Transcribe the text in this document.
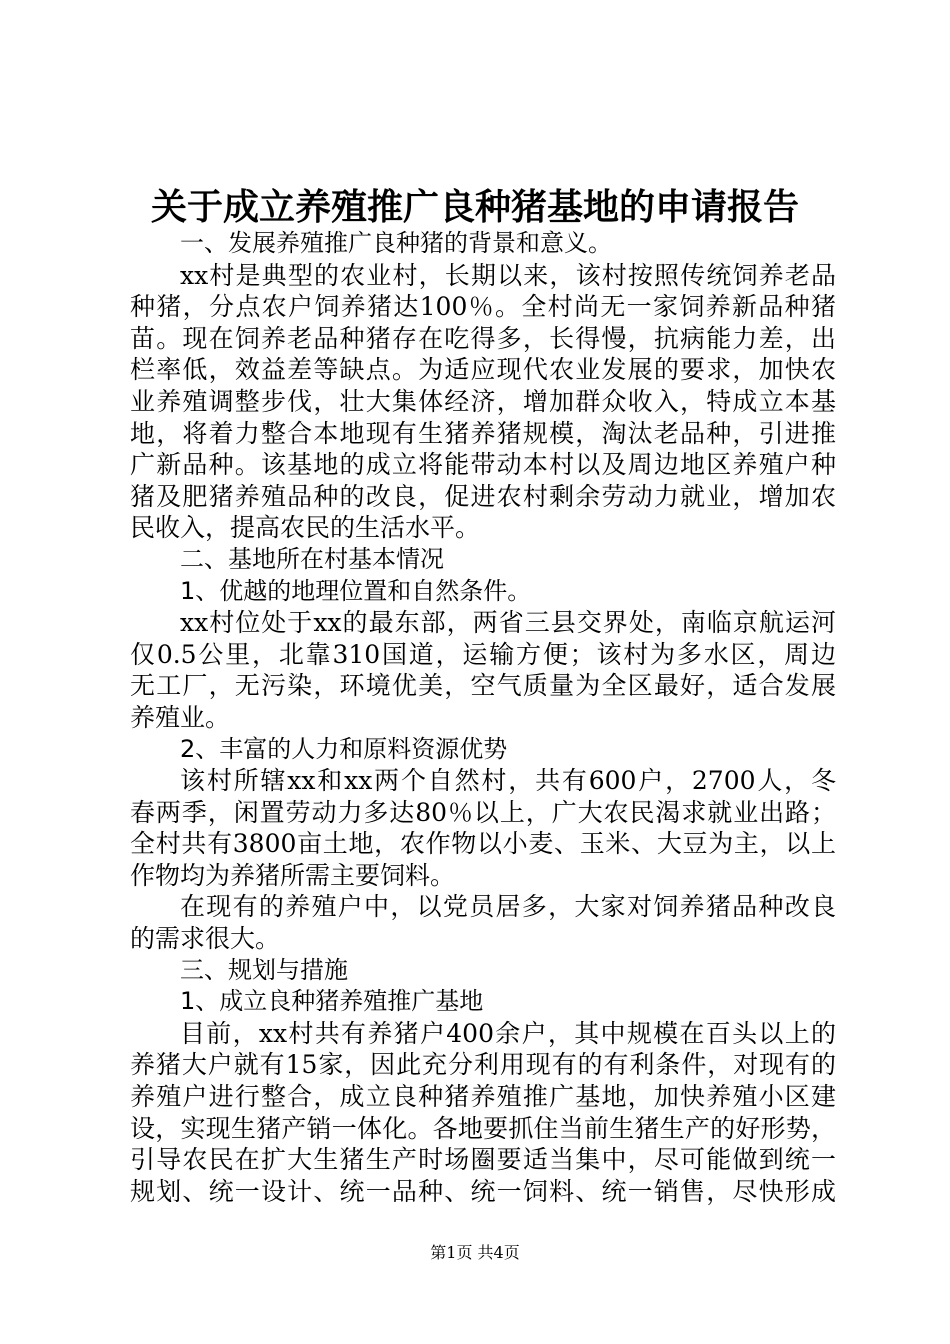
关于成立养殖推广良种猪基地的申请报告
一、发展养殖推广良种猪的背景和意义。
xx村是典型的农业村，长期以来，该村按照传统饲养老品
种猪，分点农户饲养猪达100％。全村尚无一家饲养新品种猪
苗。现在饲养老品种猪存在吃得多，长得慢，抗病能力差，出
栏率低，效益差等缺点。为适应现代农业发展的要求，加快农
业养殖调整步伐，壮大集体经济，增加群众收入，特成立本基
地，将着力整合本地现有生猪养猪规模，淘汰老品种，引进推
广新品种。该基地的成立将能带动本村以及周边地区养殖户种
猪及肥猪养殖品种的改良，促进农村剩余劳动力就业，增加农
民收入，提高农民的生活水平。
二、基地所在村基本情况
1、优越的地理位置和自然条件。
xx村位处于xx的最东部，两省三县交界处，南临京航运河
仅0.5公里，北靠310国道，运输方便；该村为多水区，周边
无工厂，无污染，环境优美，空气质量为全区最好，适合发展
养殖业。
2、丰富的人力和原料资源优势
该村所辖xx和xx两个自然村，共有600户，2700人，冬
春两季，闲置劳动力多达80％以上，广大农民渴求就业出路；
全村共有3800亩土地，农作物以小麦、玉米、大豆为主，以上
作物均为养猪所需主要饲料。
在现有的养殖户中，以党员居多，大家对饲养猪品种改良
的需求很大。
三、规划与措施
1、成立良种猪养殖推广基地
目前，xx村共有养猪户400余户，其中规模在百头以上的
养猪大户就有15家，因此充分利用现有的有利条件，对现有的
养殖户进行整合，成立良种猪养殖推广基地，加快养殖小区建
设，实现生猪产销一体化。各地要抓住当前生猪生产的好形势，
引导农民在扩大生猪生产时场圈要适当集中，尽可能做到统一
规划、统一设计、统一品种、统一饲料、统一销售，尽快形成
第1页 共4页
